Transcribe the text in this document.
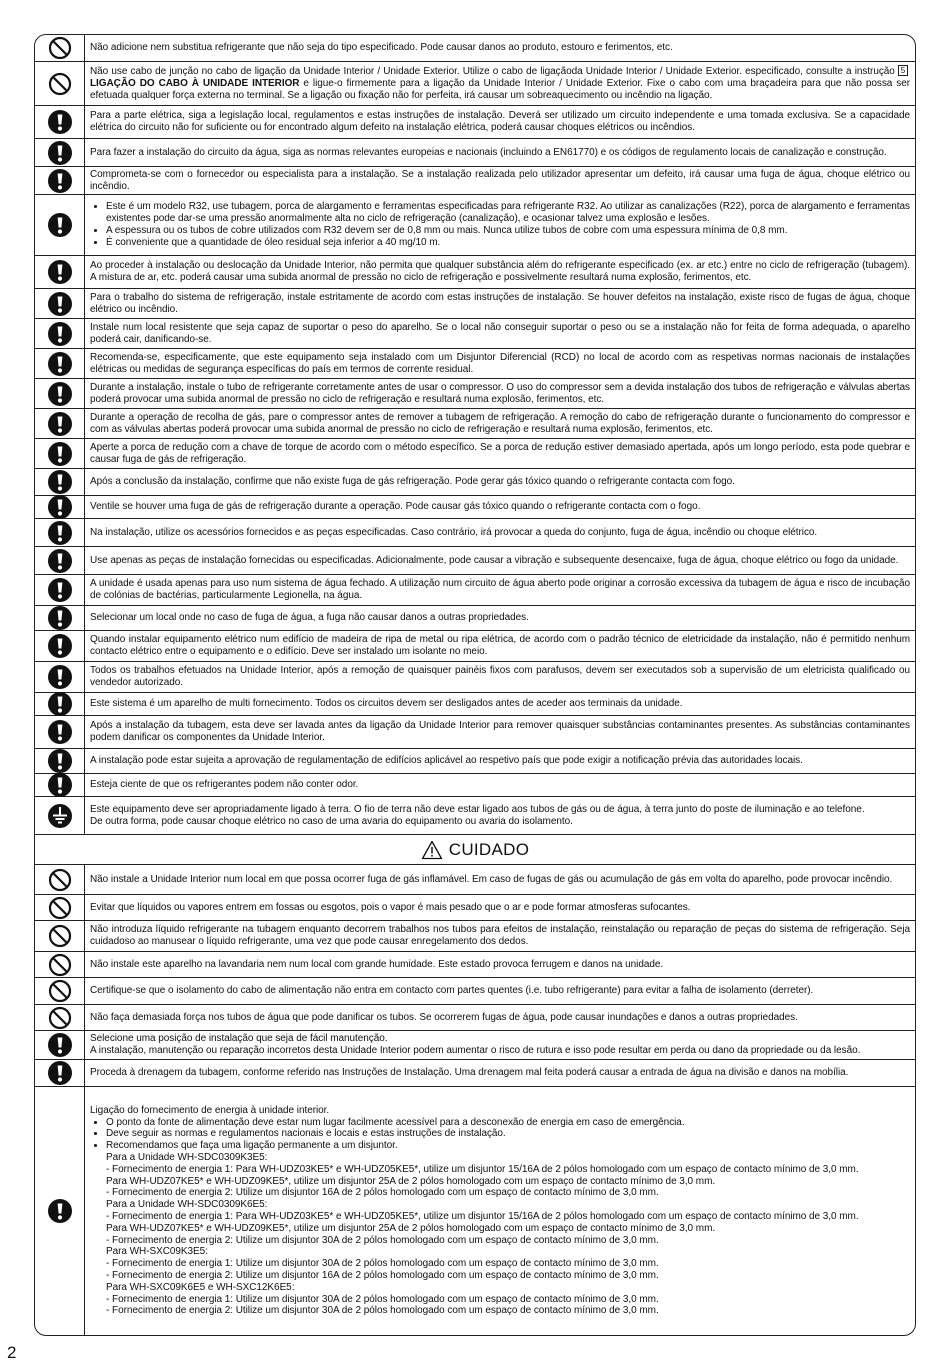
Não adicione nem substitua refrigerante que não seja do tipo especificado. Pode causar danos ao produto, estouro e ferimentos, etc.
Não use cabo de junção no cabo de ligação da Unidade Interior / Unidade Exterior. Utilize o cabo de ligaçãoda Unidade Interior / Unidade Exterior. especificado, consulte a instrução 5LIGAÇÃO DO CABO À UNIDADE INTERIOR e ligue-o firmemente para a ligação da Unidade Interior / Unidade Exterior. Fixe o cabo com uma braçadeira para que não possa ser efetuada qualquer força externa no terminal. Se a ligação ou fixação não for perfeita, irá causar um sobreaquecimento ou incêndio na ligação.
Para a parte elétrica, siga a legislação local, regulamentos e estas instruções de instalação. Deverá ser utilizado um circuito independente e uma tomada exclusiva. Se a capacidade elétrica do circuito não for suficiente ou for encontrado algum defeito na instalação elétrica, poderá causar choques elétricos ou incêndios.
Para fazer a instalação do circuito da água, siga as normas relevantes europeias e nacionais (incluindo a EN61770) e os códigos de regulamento locais de canalização e construção.
Comprometa-se com o fornecedor ou especialista para a instalação. Se a instalação realizada pelo utilizador apresentar um defeito, irá causar uma fuga de água, choque elétrico ou incêndio.
• Este é um modelo R32, use tubagem, porca de alargamento e ferramentas especificadas para refrigerante R32. Ao utilizar as canalizações (R22), porca de alargamento e ferramentas existentes pode dar-se uma pressão anormalmente alta no ciclo de refrigeração (canalização), e ocasionar talvez uma explosão e lesões.
• A espessura ou os tubos de cobre utilizados com R32 devem ser de 0,8 mm ou mais. Nunca utilize tubos de cobre com uma espessura mínima de 0,8 mm.
• É conveniente que a quantidade de óleo residual seja inferior a 40 mg/10 m.
Ao proceder à instalação ou deslocação da Unidade Interior, não permita que qualquer substância além do refrigerante especificado (ex. ar etc.) entre no ciclo de refrigeração (tubagem). A mistura de ar, etc. poderá causar uma subida anormal de pressão no ciclo de refrigeração e possivelmente resultará numa explosão, ferimentos, etc.
Para o trabalho do sistema de refrigeração, instale estritamente de acordo com estas instruções de instalação. Se houver defeitos na instalação, existe risco de fugas de água, choque elétrico ou incêndio.
Instale num local resistente que seja capaz de suportar o peso do aparelho. Se o local não conseguir suportar o peso ou se a instalação não for feita de forma adequada, o aparelho poderá cair, danificando-se.
Recomenda-se, especificamente, que este equipamento seja instalado com um Disjuntor Diferencial (RCD) no local de acordo com as respetivas normas nacionais de instalações elétricas ou medidas de segurança específicas do país em termos de corrente residual.
Durante a instalação, instale o tubo de refrigerante corretamente antes de usar o compressor. O uso do compressor sem a devida instalação dos tubos de refrigeração e válvulas abertas poderá provocar uma subida anormal de pressão no ciclo de refrigeração e resultará numa explosão, ferimentos, etc.
Durante a operação de recolha de gás, pare o compressor antes de remover a tubagem de refrigeração. A remoção do cabo de refrigeração durante o funcionamento do compressor e com as válvulas abertas poderá provocar uma subida anormal de pressão no ciclo de refrigeração e resultará numa explosão, ferimentos, etc.
Aperte a porca de redução com a chave de torque de acordo com o método específico. Se a porca de redução estiver demasiado apertada, após um longo período, esta pode quebrar e causar fuga de gás de refrigeração.
Após a conclusão da instalação, confirme que não existe fuga de gás refrigeração. Pode gerar gás tóxico quando o refrigerante contacta com fogo.
Ventile se houver uma fuga de gás de refrigeração durante a operação. Pode causar gás tóxico quando o refrigerante contacta com o fogo.
Na instalação, utilize os acessórios fornecidos e as peças especificadas. Caso contrário, irá provocar a queda do conjunto, fuga de água, incêndio ou choque elétrico.
Use apenas as peças de instalação fornecidas ou especificadas. Adicionalmente, pode causar a vibração e subsequente desencaixe, fuga de água, choque elétrico ou fogo da unidade.
A unidade é usada apenas para uso num sistema de água fechado. A utilização num circuito de água aberto pode originar a corrosão excessiva da tubagem de água e risco de incubação de colónias de bactérias, particularmente Legionella, na água.
Selecionar um local onde no caso de fuga de água, a fuga não causar danos a outras propriedades.
Quando instalar equipamento elétrico num edifício de madeira de ripa de metal ou ripa elétrica, de acordo com o padrão técnico de eletricidade da instalação, não é permitido nenhum contacto elétrico entre o equipamento e o edifício. Deve ser instalado um isolante no meio.
Todos os trabalhos efetuados na Unidade Interior, após a remoção de quaisquer painéis fixos com parafusos, devem ser executados sob a supervisão de um eletricista qualificado ou vendedor autorizado.
Este sistema é um aparelho de multi fornecimento. Todos os circuitos devem ser desligados antes de aceder aos terminais da unidade.
Após a instalação da tubagem, esta deve ser lavada antes da ligação da Unidade Interior para remover quaisquer substâncias contaminantes presentes. As substâncias contaminantes podem danificar os componentes da Unidade Interior.
A instalação pode estar sujeita a aprovação de regulamentação de edifícios aplicável ao respetivo país que pode exigir a notificação prévia das autoridades locais.
Esteja ciente de que os refrigerantes podem não conter odor.
Este equipamento deve ser apropriadamente ligado à terra. O fio de terra não deve estar ligado aos tubos de gás ou de água, à terra junto do poste de iluminação e ao telefone.
De outra forma, pode causar choque elétrico no caso de uma avaria do equipamento ou avaria do isolamento.
CUIDADO
Não instale a Unidade Interior num local em que possa ocorrer fuga de gás inflamável. Em caso de fugas de gás ou acumulação de gás em volta do aparelho, pode provocar incêndio.
Evitar que líquidos ou vapores entrem em fossas ou esgotos, pois o vapor é mais pesado que o ar e pode formar atmosferas sufocantes.
Não introduza líquido refrigerante na tubagem enquanto decorrem trabalhos nos tubos para efeitos de instalação, reinstalação ou reparação de peças do sistema de refrigeração. Seja cuidadoso ao manusear o líquido refrigerante, uma vez que pode causar enregelamento dos dedos.
Não instale este aparelho na lavandaria nem num local com grande humidade. Este estado provoca ferrugem e danos na unidade.
Certifique-se que o isolamento do cabo de alimentação não entra em contacto com partes quentes (i.e. tubo refrigerante) para evitar a falha de isolamento (derreter).
Não faça demasiada força nos tubos de água que pode danificar os tubos. Se ocorrerem fugas de água, pode causar inundações e danos a outras propriedades.
Selecione uma posição de instalação que seja de fácil manutenção.
A instalação, manutenção ou reparação incorretos desta Unidade Interior podem aumentar o risco de rutura e isso pode resultar em perda ou dano da propriedade ou da lesão.
Proceda à drenagem da tubagem, conforme referido nas Instruções de Instalação. Uma drenagem mal feita poderá causar a entrada de água na divisão e danos na mobília.
Ligação do fornecimento de energia à unidade interior.
• O ponto da fonte de alimentação deve estar num lugar facilmente acessível para a desconexão de energia em caso de emergência.
• Deve seguir as normas e regulamentos nacionais e locais e estas instruções de instalação.
• Recomendamos que faça uma ligação permanente a um disjuntor.
Para a Unidade WH-SDC0309K3E5:
- Fornecimento de energia 1: Para WH-UDZ03KE5* e WH-UDZ05KE5*, utilize um disjuntor 15/16A de 2 pólos homologado com um espaço de contacto mínimo de 3,0 mm.
Para WH-UDZ07KE5* e WH-UDZ09KE5*, utilize um disjuntor 25A de 2 pólos homologado com um espaço de contacto mínimo de 3,0 mm.
- Fornecimento de energia 2: Utilize um disjuntor 16A de 2 pólos homologado com um espaço de contacto mínimo de 3,0 mm.
Para a Unidade WH-SDC0309K6E5:
- Fornecimento de energia 1: Para WH-UDZ03KE5* e WH-UDZ05KE5*, utilize um disjuntor 15/16A de 2 pólos homologado com um espaço de contacto mínimo de 3,0 mm.
Para WH-UDZ07KE5* e WH-UDZ09KE5*, utilize um disjuntor 25A de 2 pólos homologado com um espaço de contacto mínimo de 3,0 mm.
- Fornecimento de energia 2: Utilize um disjuntor 30A de 2 pólos homologado com um espaço de contacto mínimo de 3,0 mm.
Para WH-SXC09K3E5:
- Fornecimento de energia 1: Utilize um disjuntor 30A de 2 pólos homologado com um espaço de contacto mínimo de 3,0 mm.
- Fornecimento de energia 2: Utilize um disjuntor 16A de 2 pólos homologado com um espaço de contacto mínimo de 3,0 mm.
Para WH-SXC09K6E5 e WH-SXC12K6E5:
- Fornecimento de energia 1: Utilize um disjuntor 30A de 2 pólos homologado com um espaço de contacto mínimo de 3,0 mm.
- Fornecimento de energia 2: Utilize um disjuntor 30A de 2 pólos homologado com um espaço de contacto mínimo de 3,0 mm.
2
